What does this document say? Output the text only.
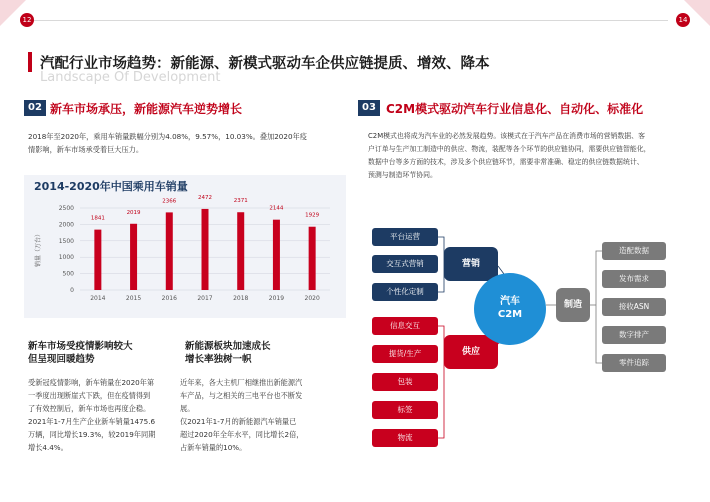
12	14
汽配行业市场趋势：新能源、新模式驱动车企供应链提质、增效、降本
Landscape Of Development
02 新车市场承压，新能源汽车逆势增长
2018年至2020年，乘用车销量跌幅分别为4.08%，9.57%，10.03%。叠加2020年疫
情影响，新车市场承受着巨大压力。
2014-2020年中国乘用车销量
0
500
1000
1500
2000
2500
销量（万台）
1841
2014
2019
2015
2366
2016
2472
2017
2371
2018
2144
2019
1929
2020
新车市场受疫情影响较大
但呈现回暖趋势
受新冠疫情影响，新车销量在2020年第
一季度出现断崖式下跌，但在疫情得到
了有效控制后，新车市场也再度企稳。
2021年1-7月生产企业新车销量1475.6
万辆，同比增长19.3%，较2019年同期
增长4.4%。
新能源板块加速成长
增长率独树一帜
近年来，各大主机厂相继推出新能源汽
车产品，与之相关的三电平台也不断发
展。
仅2021年1-7月的新能源汽车销量已
超过2020年全年水平，同比增长2倍，
占新车销量的10%。
03 C2M模式驱动汽车行业信息化、自动化、标准化
C2M模式也将成为汽车业的必然发展趋势。该模式在于汽车产品在消费市场的营销数据、客
户订单与生产加工制造中的供应、物流，装配等各个环节的供应链协同，需要供应链智能化，
数据中台等多方面的技术，涉及多个供应链环节，需要非常准确、稳定的供应链数据统计、
预测与制造环节协同。
平台运营
交互式营销
个性化定制
营销
信息交互
提货/生产
包装
标签
物流
供应
汽车
C2M
制造
造配数据
发布需求
接收ASN
数字排产
零件追踪
